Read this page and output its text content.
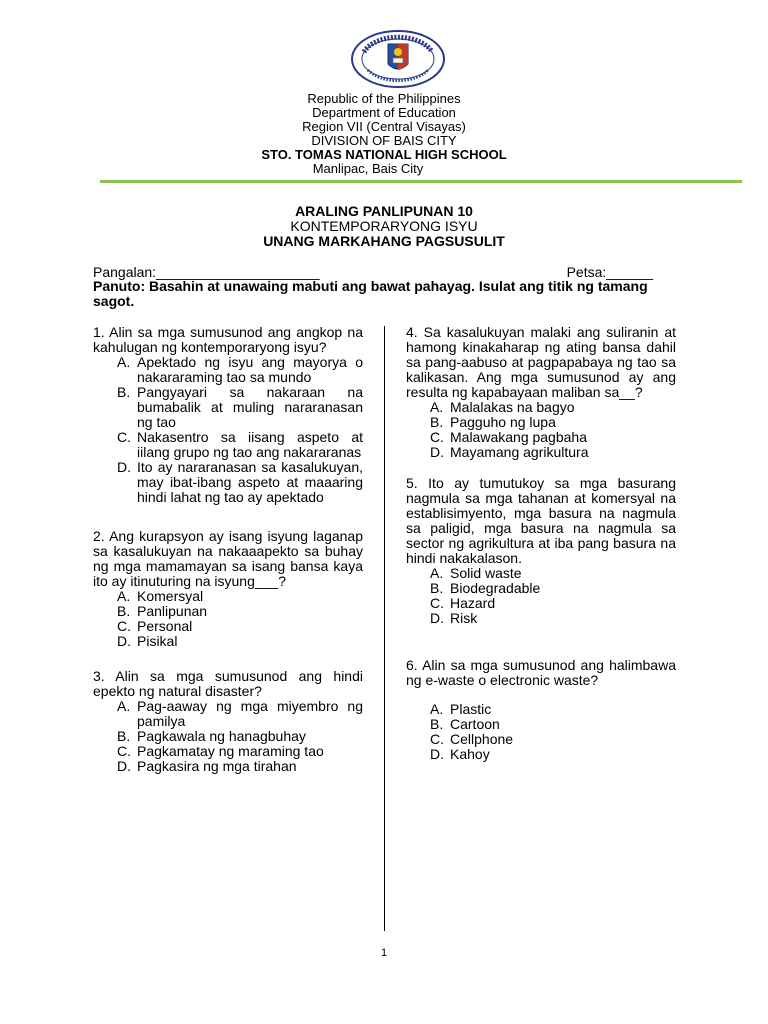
Republic of the Philippines
Department of Education
Region VII (Central Visayas)
DIVISION OF BAIS CITY
STO. TOMAS NATIONAL HIGH SCHOOL
Manlipac, Bais City
ARALING PANLIPUNAN 10
KONTEMPORARYONG ISYU
UNANG MARKAHANG PAGSUSULIT
Pangalan:_____________________	Petsa:______
Panuto: Basahin at unawaing mabuti ang bawat pahayag. Isulat ang titik ng tamang sagot.

1. Alin sa mga sumusunod ang angkop na kahulugan ng kontemporaryong isyu?

A. Apektado ng isyu ang mayorya o nakararaming tao sa mundo
B. Pangyayari sa nakaraan na bumabalik at muling nararanasan ng tao
C. Nakasentro sa iisang aspeto at iilang grupo ng tao ang nakararanas
D. Ito ay nararanasan sa kasalukuyan, may ibat-ibang aspeto at maaaring hindi lahat ng tao ay apektado

2. Ang kurapsyon ay isang isyung laganap sa kasalukuyan na nakaaapekto sa buhay ng mga mamamayan sa isang bansa kaya ito ay itinuturing na isyung___?

A. Komersyal
B. Panlipunan
C. Personal
D. Pisikal

3. Alin sa mga sumusunod ang hindi epekto ng natural disaster?

A. Pag-aaway ng mga miyembro ng pamilya
B. Pagkawala ng hanagbuhay
C. Pagkamatay ng maraming tao
D. Pagkasira ng mga tirahan

4. Sa kasalukuyan malaki ang suliranin at hamong kinakaharap ng ating bansa dahil sa pang-aabuso at pagpapabaya ng tao sa kalikasan. Ang mga sumusunod ay ang resulta ng kapabayaan maliban sa__?

A. Malalakas na bagyo
B. Pagguho ng lupa
C. Malawakang pagbaha
D. Mayamang agrikultura

5. Ito ay tumutukoy sa mga basurang nagmula sa mga tahanan at komersyal na establisimyento, mga basura na nagmula sa paligid, mga basura na nagmula sa sector ng agrikultura at iba pang basura na hindi nakakalason.

A. Solid waste
B. Biodegradable
C. Hazard
D. Risk

6. Alin sa mga sumusunod ang halimbawa ng e-waste o electronic waste?

A. Plastic
B. Cartoon
C. Cellphone
D. Kahoy
1
